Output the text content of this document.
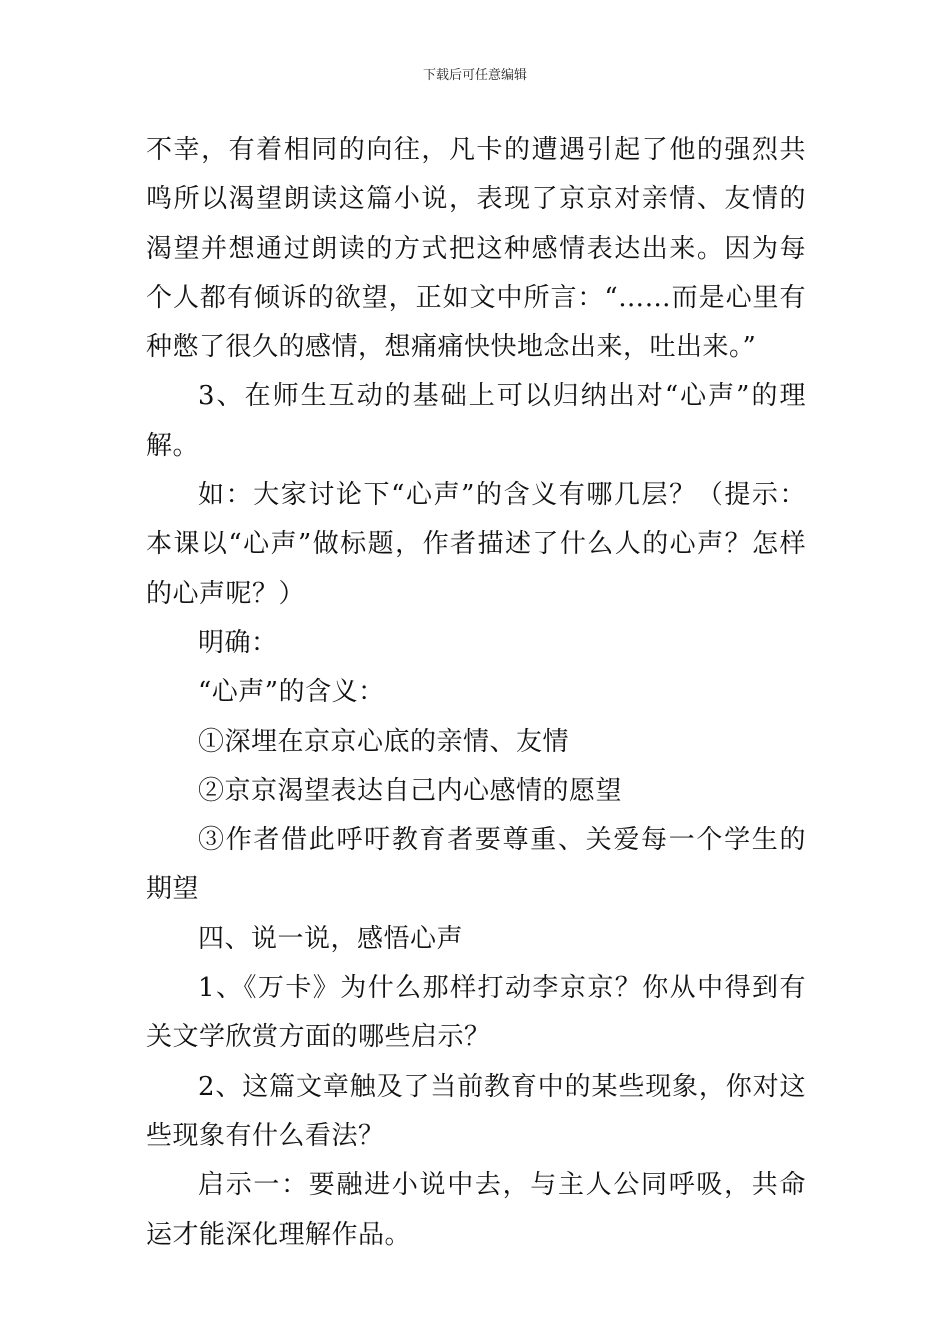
下载后可任意编辑

不幸，有着相同的向往，凡卡的遭遇引起了他的强烈共鸣所以渴望朗读这篇小说，表现了京京对亲情、友情的渴望并想通过朗读的方式把这种感情表达出来。因为每个人都有倾诉的欲望，正如文中所言：“……而是心里有种憋了很久的感情，想痛痛快快地念出来，吐出来。”

3、在师生互动的基础上可以归纳出对“心声”的理解。

如：大家讨论下“心声”的含义有哪几层？（提示：本课以“心声”做标题，作者描述了什么人的心声？怎样的心声呢？）

明确：

“心声”的含义：

①深埋在京京心底的亲情、友情

②京京渴望表达自己内心感情的愿望

③作者借此呼吁教育者要尊重、关爱每一个学生的期望

四、说一说，感悟心声

1、《万卡》为什么那样打动李京京？你从中得到有关文学欣赏方面的哪些启示？

2、这篇文章触及了当前教育中的某些现象，你对这些现象有什么看法？

启示一：要融进小说中去，与主人公同呼吸，共命运才能深化理解作品。
